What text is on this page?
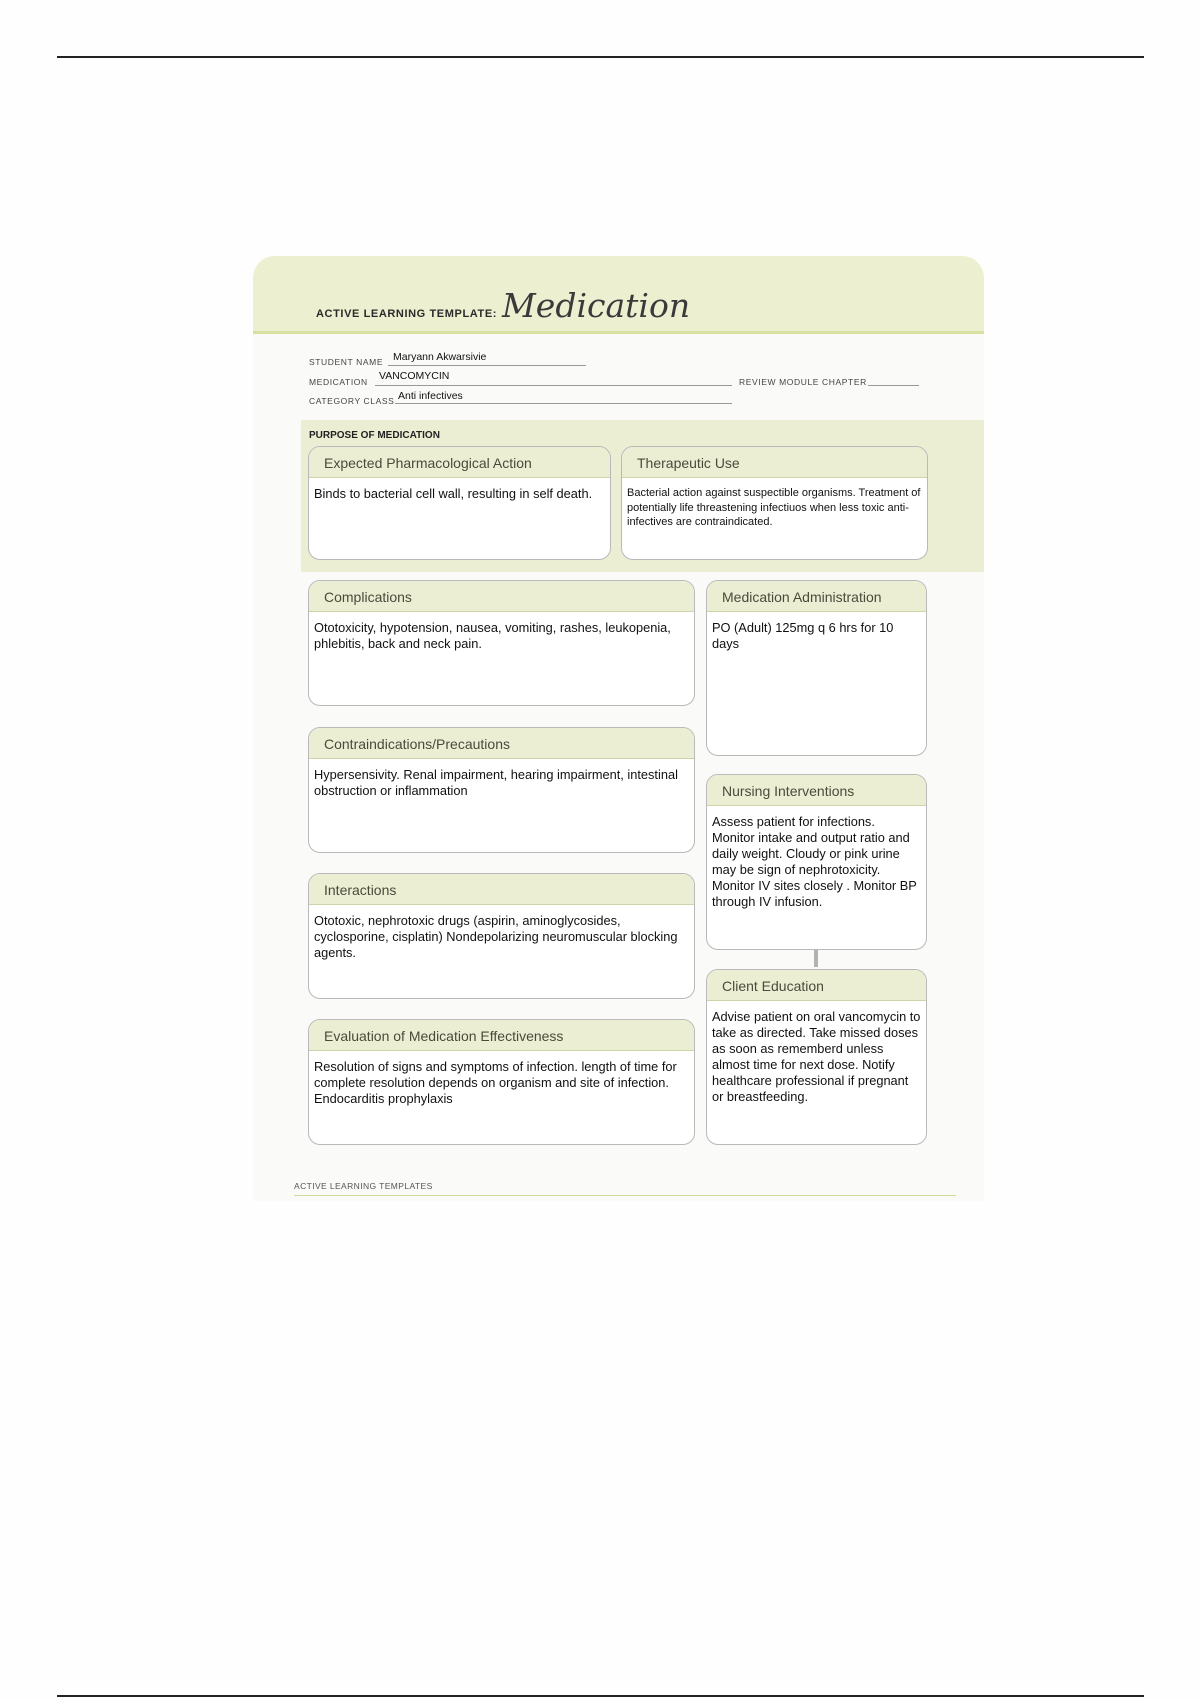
ACTIVE LEARNING TEMPLATE: Medication
STUDENT NAME Maryann Akwarsivie
MEDICATION VANCOMYCIN	REVIEW MODULE CHAPTER
CATEGORY CLASS Anti infectives
PURPOSE OF MEDICATION
Expected Pharmacological Action
Binds to bacterial cell wall, resulting in self death.
Therapeutic Use
Bacterial action against suspectible organisms. Treatment of potentially life threastening infectiuos when less toxic anti-infectives are contraindicated.
Complications
Ototoxicity, hypotension, nausea, vomiting, rashes, leukopenia, phlebitis, back and neck pain.
Contraindications/Precautions
Hypersensivity. Renal impairment, hearing impairment, intestinal obstruction or inflammation
Interactions
Ototoxic, nephrotoxic drugs (aspirin, aminoglycosides, cyclosporine, cisplatin) Nondepolarizing neuromuscular blocking agents.
Evaluation of Medication Effectiveness
Resolution of signs and symptoms of infection. length of time for complete resolution depends on organism and site of infection. Endocarditis prophylaxis
Medication Administration
PO (Adult) 125mg q 6 hrs for 10 days
Nursing Interventions
Assess patient for infections. Monitor intake and output ratio and daily weight. Cloudy or pink urine may be sign of nephrotoxicity. Monitor IV sites closely . Monitor BP through IV infusion.
Client Education
Advise patient on oral vancomycin to take as directed. Take missed doses as soon as rememberd unless almost time for next dose. Notify healthcare professional if pregnant or breastfeeding.
ACTIVE LEARNING TEMPLATES
